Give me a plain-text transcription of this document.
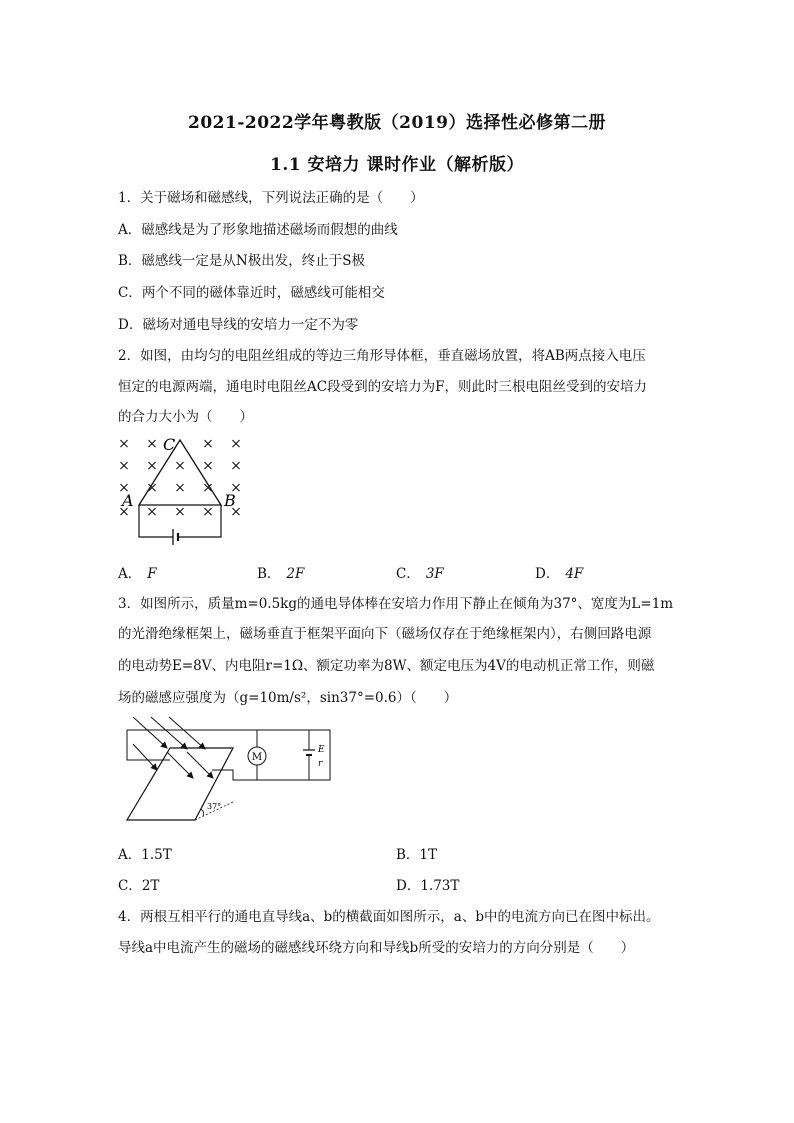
2021-2022学年粤教版（2019）选择性必修第二册
1.1 安培力 课时作业（解析版）
1．关于磁场和磁感线，下列说法正确的是（　　）
A．磁感线是为了形象地描述磁场而假想的曲线
B．磁感线一定是从N极出发，终止于S极
C．两个不同的磁体靠近时，磁感线可能相交
D．磁场对通电导线的安培力一定不为零
2．如图，由均匀的电阻丝组成的等边三角形导体框，垂直磁场放置，将AB两点接入电压
恒定的电源两端，通电时电阻丝AC段受到的安培力为F，则此时三根电阻丝受到的安培力
的合力大小为（　　）
× ×	× ×
× × × × ×
× × × × ×
× × × × ×
C
A	B
A． F	B． 2F	C． 3F	D． 4F
3．如图所示，质量m=0.5kg的通电导体棒在安培力作用下静止在倾角为37°、宽度为L=1m
的光滑绝缘框架上，磁场垂直于框架平面向下（磁场仅存在于绝缘框架内），右侧回路电源
的电动势E=8V、内电阻r=1Ω、额定功率为8W、额定电压为4V的电动机正常工作，则磁
场的磁感应强度为（g=10m/s²，sin37°=0.6）（　　）
M
E
r
37°
A．1.5T	B．1T
C．2T	D．1.73T
4．两根互相平行的通电直导线a、b的横截面如图所示，a、b中的电流方向已在图中标出。
导线a中电流产生的磁场的磁感线环绕方向和导线b所受的安培力的方向分别是（　　）
